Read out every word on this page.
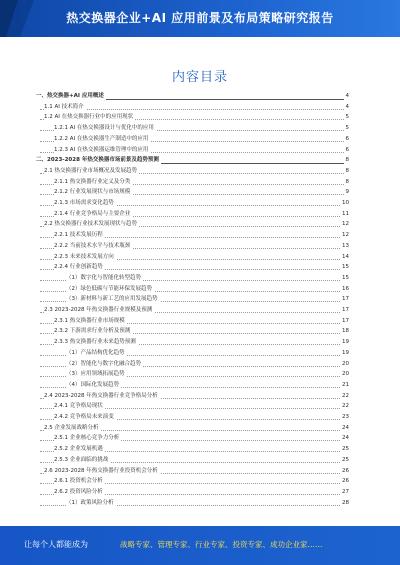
热交换器企业+AI 应用前景及布局策略研究报告
内容目录
一、热交换器+AI 应用概述	4
1.1 AI 技术简介	4
1.2 AI 在热交换器行业中的应用现状	5
1.2.1 AI 在热交换器设计与优化中的应用	5
1.2.2 AI 在热交换器生产制造中的应用	6
1.2.3 AI 在热交换器运维管理中的应用	6
二、2023-2028 年热交换器市场前景及趋势预测	8
2.1 热交换器行业市场概况及发展趋势	8
2.1.1 热交换器行业定义及分类	8
2.1.2 行业发展现状与市场规模	9
2.1.3 市场需求变化趋势	10
2.1.4 行业竞争格局与主要企业	11
2.2 热交换器行业技术发展现状与趋势	12
2.2.1 技术发展历程	12
2.2.2 当前技术水平与技术瓶颈	13
2.2.3 未来技术发展方向	14
2.2.4 行业创新趋势	15
（1）数字化与智能化转型趋势	15
（2）绿色低碳与节能环保发展趋势	16
（3）新材料与新工艺的应用发展趋势	17
2.3 2023-2028 年热交换器行业规模及预测	17
2.3.1 热交换器行业市场规模	17
2.3.2 下游需求行业分析及预测	18
2.3.3 热交换器行业未来趋势预测	19
（1）产品结构优化趋势	19
（2）智能化与数字化融合趋势	20
（3）应用领域拓展趋势	20
（4）国际化发展趋势	21
2.4 2023-2028 年热交换器行业竞争格局分析	22
2.4.1 竞争格局现状	22
2.4.2 竞争格局未来演变	23
2.5 企业发展战略分析	24
2.5.1 企业核心竞争力分析	24
2.5.2 企业发展机遇	25
2.5.3 企业面临的挑战	25
2.6 2023-2028 年热交换器行业投资机会分析	26
2.6.1 投资机会分析	26
2.6.2 投资风险分析	27
（1）政策风险分析	28
让每个人都能成为	战略专家、管理专家、行业专家、投资专家、成功企业家……
